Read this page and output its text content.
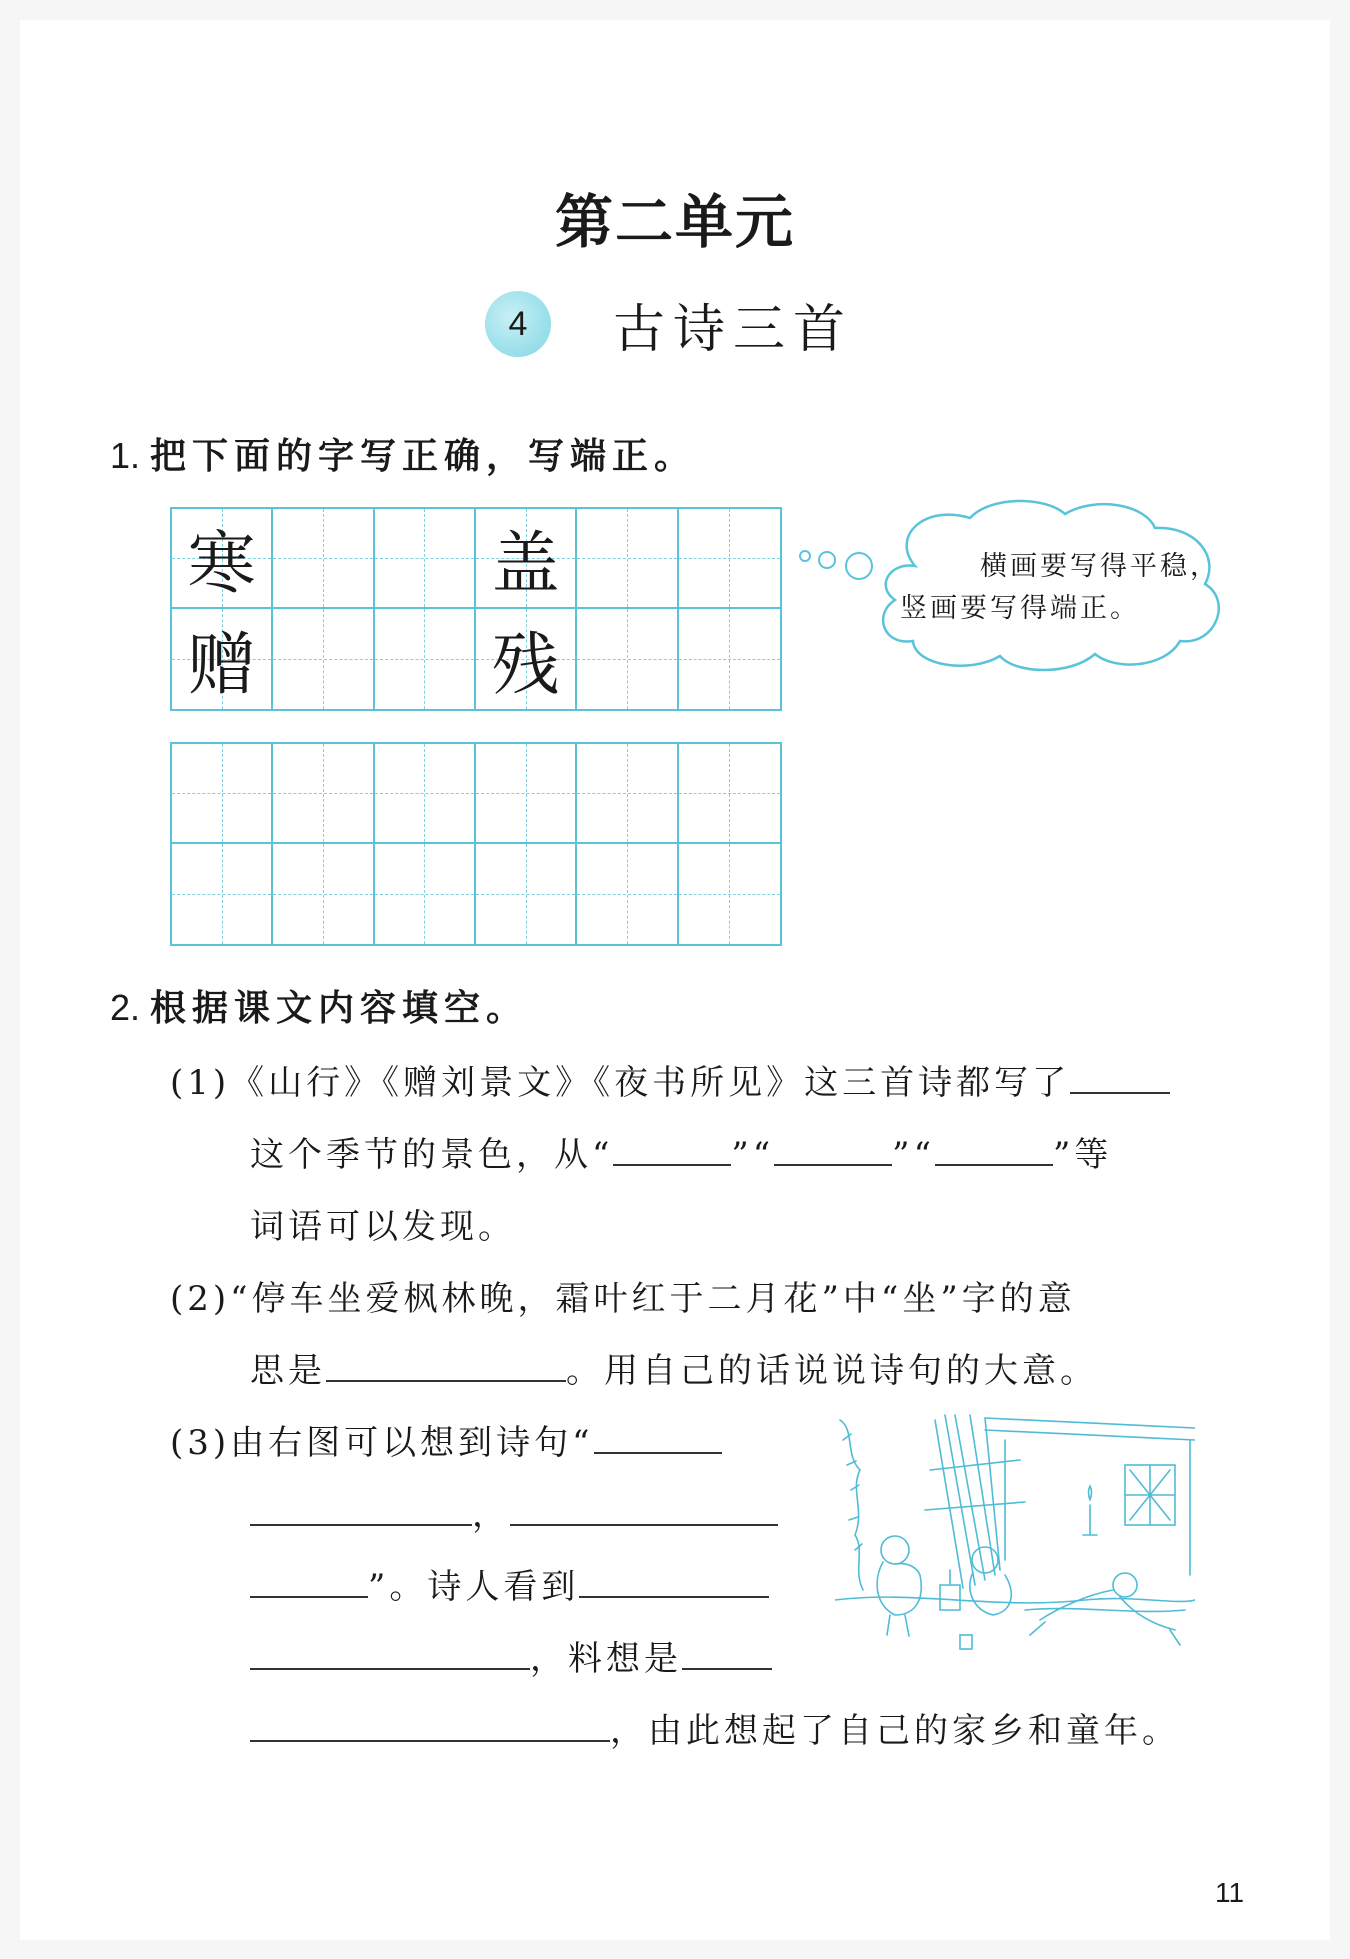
第二单元
4	古诗三首
1. 把下面的字写正确，写端正。
寒	盖
赠	残
横画要写得平稳，
竖画要写得端正。
2. 根据课文内容填空。
(1)《山行》《赠刘景文》《夜书所见》这三首诗都写了
这个季节的景色，从“	”“	”“	”等
词语可以发现。
(2)“停车坐爱枫林晚，霜叶红于二月花”中“坐”字的意
思是	。用自己的话说说诗句的大意。
(3)由右图可以想到诗句“
，
”。诗人看到
，料想是
，由此想起了自己的家乡和童年。
11
